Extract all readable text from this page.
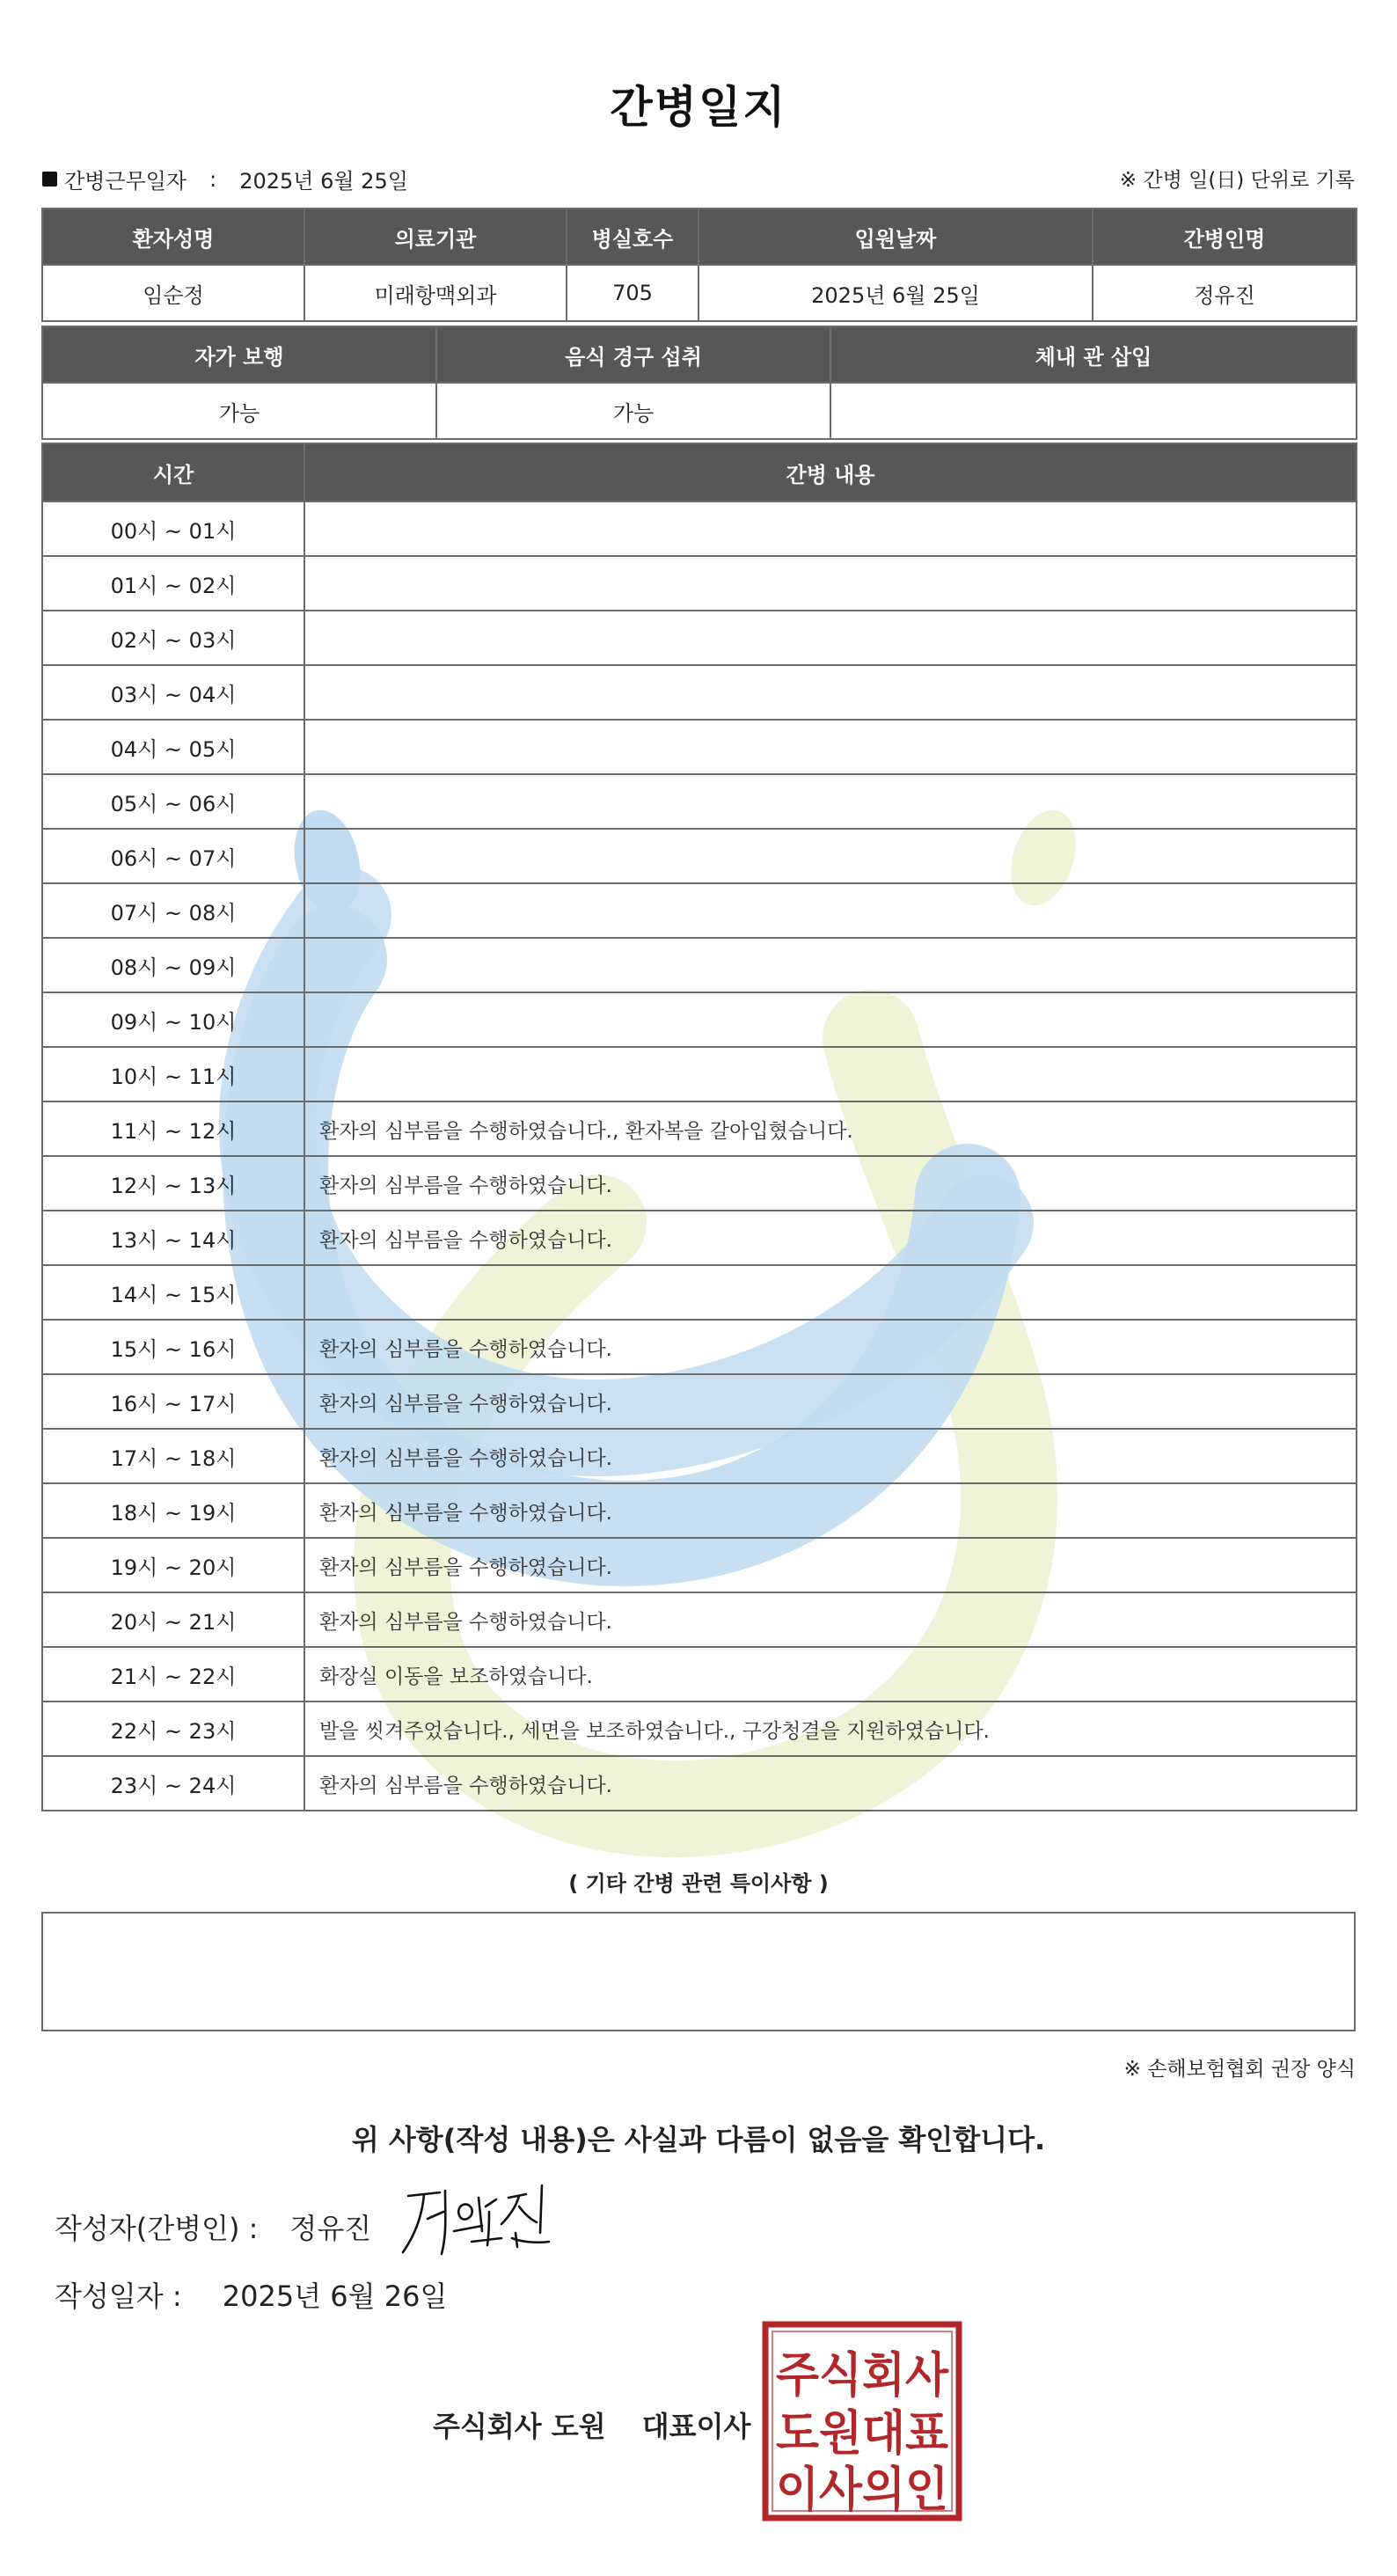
간병일지
간병근무일자 : 2025년 6월 25일	※ 간병 일(日) 단위로 기록
환자성명	의료기관	병실호수	입원날짜	간병인명
임순정	미래항맥외과	705	2025년 6월 25일	정유진
자가 보행	음식 경구 섭취	체내 관 삽입
가능	가능	
시간	간병 내용
00시 ~ 01시	
01시 ~ 02시	
02시 ~ 03시	
03시 ~ 04시	
04시 ~ 05시	
05시 ~ 06시	
06시 ~ 07시	
07시 ~ 08시	
08시 ~ 09시	
09시 ~ 10시	
10시 ~ 11시	
11시 ~ 12시	환자의 심부름을 수행하였습니다., 환자복을 갈아입혔습니다.
12시 ~ 13시	환자의 심부름을 수행하였습니다.
13시 ~ 14시	환자의 심부름을 수행하였습니다.
14시 ~ 15시	
15시 ~ 16시	환자의 심부름을 수행하였습니다.
16시 ~ 17시	환자의 심부름을 수행하였습니다.
17시 ~ 18시	환자의 심부름을 수행하였습니다.
18시 ~ 19시	환자의 심부름을 수행하였습니다.
19시 ~ 20시	환자의 심부름을 수행하였습니다.
20시 ~ 21시	환자의 심부름을 수행하였습니다.
21시 ~ 22시	화장실 이동을 보조하였습니다.
22시 ~ 23시	발을 씻겨주었습니다., 세면을 보조하였습니다., 구강청결을 지원하였습니다.
23시 ~ 24시	환자의 심부름을 수행하였습니다.
( 기타 간병 관련 특이사항 )
※ 손해보험협회 권장 양식
위 사항(작성 내용)은 사실과 다름이 없음을 확인합니다.
작성자(간병인) : 정유진
작성일자 : 2025년 6월 26일
주식회사 도원 대표이사
주식회사
도원대표
이사의인
